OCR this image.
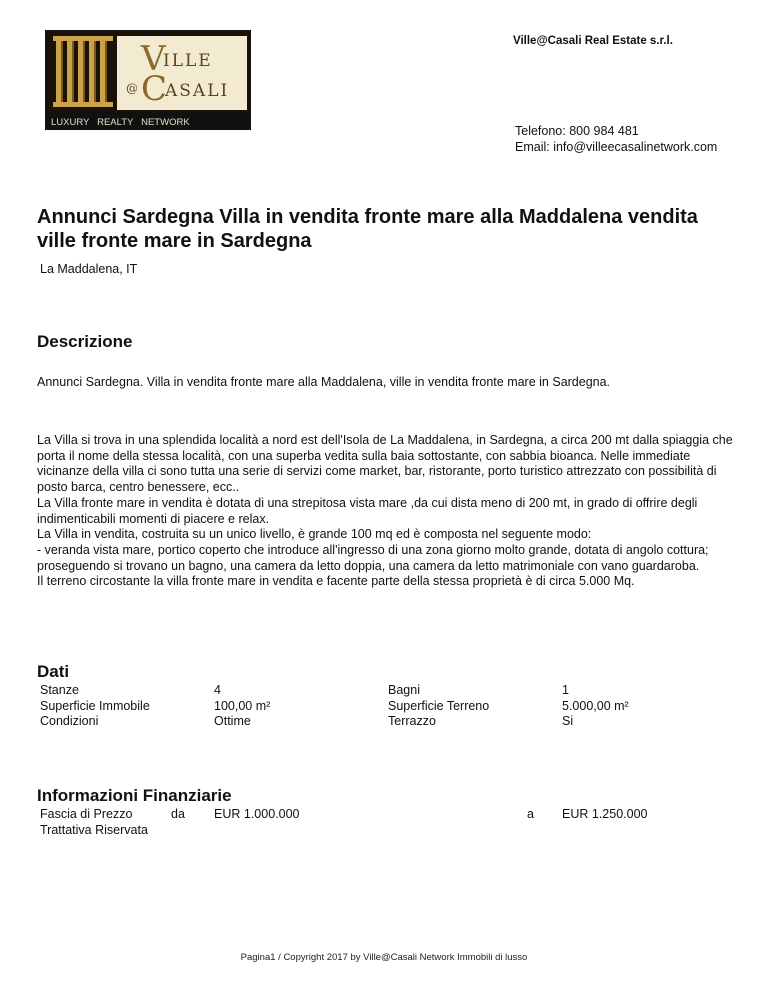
V
ILLE
C
@ ASALI
LUXURY   REALTY   NETWORK
Ville@Casali Real Estate s.r.l.
Telefono: 800 984 481
Email: info@villeecasalinetwork.com
Annunci Sardegna Villa in vendita fronte mare alla Maddalena vendita ville fronte mare in Sardegna
La Maddalena, IT
Descrizione
Annunci Sardegna. Villa in vendita fronte mare alla Maddalena, ville in vendita fronte mare in Sardegna.

La Villa si trova in una splendida località a nord est dell'Isola de La Maddalena, in Sardegna, a circa 200 mt dalla spiaggia che porta il nome della stessa località, con una superba vedita sulla baia sottostante, con sabbia bioanca. Nelle immediate vicinanze della villa ci sono tutta una serie di servizi come market, bar, ristorante, porto turistico attrezzato con possibilità di posto barca, centro benessere, ecc..

La Villa fronte mare in vendita è dotata di una strepitosa vista mare ,da cui dista meno di 200 mt, in grado di offrire degli indimenticabili momenti di piacere e relax.

La Villa in vendita, costruita su un unico livello, è grande 100 mq ed è composta nel seguente modo:

- veranda vista mare, portico coperto che introduce all'ingresso di una zona giorno molto grande, dotata di angolo cottura; proseguendo si trovano un bagno, una camera da letto doppia, una camera da letto matrimoniale con vano guardaroba.

Il terreno circostante la villa fronte mare in vendita e facente parte della stessa proprietà è di circa 5.000 Mq.

Dati
Stanze
Superficie Immobile
Condizioni
4
100,00 m²
Ottime
Bagni
Superficie Terreno
Terrazzo
1
5.000,00 m²
Si
Informazioni Finanziarie
Fascia di Prezzo
Trattativa Riservata
da EUR 1.000.000	a EUR 1.250.000
Pagina1 / Copyright 2017 by Ville@Casali Network Immobili di lusso
